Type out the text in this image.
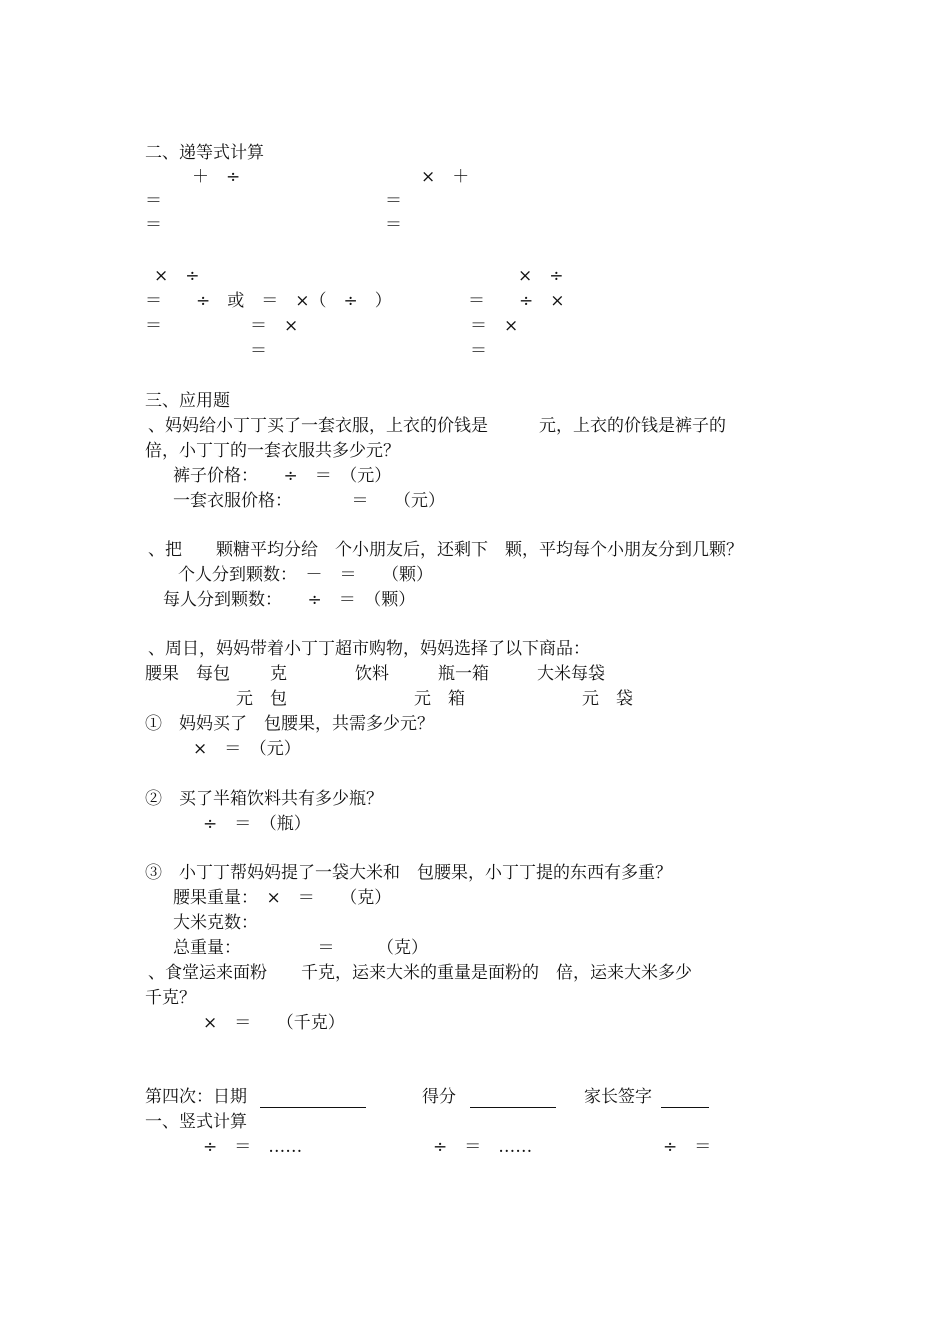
二、递等式计算
＋　÷
＝
＝
×　＋
＝
＝
×　÷
＝　　÷　或　＝　×（　÷　）
＝	＝　×
＝
×　÷
＝　　÷　×
＝　×
＝
三、应用题
、妈妈给小丁丁买了一套衣服，上衣的价钱是　　　元，上衣的价钱是裤子的
倍，小丁丁的一套衣服共多少元？
裤子价格：　　÷　＝　（元）
一套衣服价格：　　　　＝　　（元）
、把　　颗糖平均分给　个小朋友后，还剩下　颗，平均每个小朋友分到几颗？
个人分到颗数：　－　＝　　（颗）
每人分到颗数：　　÷　＝　（颗）
、周日，妈妈带着小丁丁超市购物，妈妈选择了以下商品：
腰果　每包 克	饮料	瓶一箱	大米每袋
元　包	元　箱	元　袋
①　妈妈买了　包腰果，共需多少元？
×　＝　（元）
②　买了半箱饮料共有多少瓶？
÷　＝　（瓶）
③　小丁丁帮妈妈提了一袋大米和　包腰果，小丁丁提的东西有多重？
腰果重量：　×　＝　　（克）
大米克数：
总重量：　　　　　＝　　　（克）
、食堂运来面粉　　千克，运来大米的重量是面粉的　倍，运来大米多少
千克？
×　＝　　（千克）
第四次：日期	得分	家长签字
一、竖式计算
÷　＝　……	÷　＝　……	÷　＝
